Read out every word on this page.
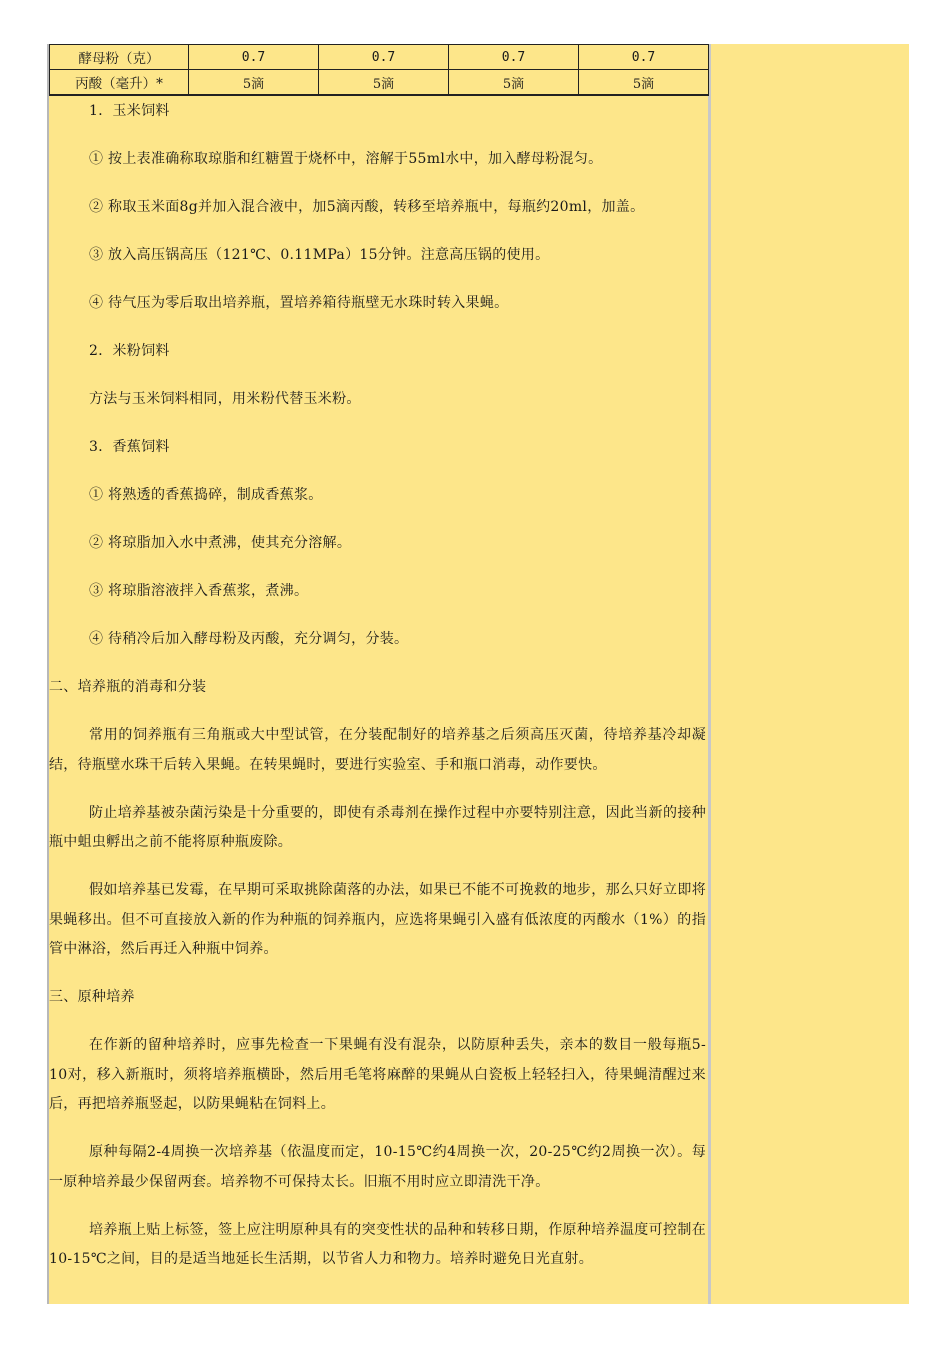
酵母粉（克）	0.7	0.7	0.7	0.7
丙酸（毫升）*	5滴	5滴	5滴	5滴

1．玉米饲料

① 按上表准确称取琼脂和红糖置于烧杯中，溶解于55ml水中，加入酵母粉混匀。

② 称取玉米面8g并加入混合液中，加5滴丙酸，转移至培养瓶中，每瓶约20ml，加盖。

③ 放入高压锅高压（121℃、0.11MPa）15分钟。注意高压锅的使用。

④ 待气压为零后取出培养瓶，置培养箱待瓶壁无水珠时转入果蝇。

2．米粉饲料

方法与玉米饲料相同，用米粉代替玉米粉。

3．香蕉饲料

① 将熟透的香蕉捣碎，制成香蕉浆。

② 将琼脂加入水中煮沸，使其充分溶解。

③ 将琼脂溶液拌入香蕉浆，煮沸。

④ 待稍冷后加入酵母粉及丙酸，充分调匀，分装。

二、培养瓶的消毒和分装

常用的饲养瓶有三角瓶或大中型试管，在分装配制好的培养基之后须高压灭菌，待培养基冷却凝结，待瓶壁水珠干后转入果蝇。在转果蝇时，要进行实验室、手和瓶口消毒，动作要快。

防止培养基被杂菌污染是十分重要的，即使有杀毒剂在操作过程中亦要特别注意，因此当新的接种瓶中蛆虫孵出之前不能将原种瓶废除。

假如培养基已发霉，在早期可采取挑除菌落的办法，如果已不能不可挽救的地步，那么只好立即将果蝇移出。但不可直接放入新的作为种瓶的饲养瓶内，应选将果蝇引入盛有低浓度的丙酸水（1%）的指管中淋浴，然后再迁入种瓶中饲养。

三、原种培养

在作新的留种培养时，应事先检查一下果蝇有没有混杂，以防原种丢失，亲本的数目一般每瓶5-10对，移入新瓶时，须将培养瓶横卧，然后用毛笔将麻醉的果蝇从白瓷板上轻轻扫入，待果蝇清醒过来后，再把培养瓶竖起，以防果蝇粘在饲料上。

原种每隔2-4周换一次培养基（依温度而定，10-15℃约4周换一次，20-25℃约2周换一次）。每一原种培养最少保留两套。培养物不可保持太长。旧瓶不用时应立即清洗干净。

培养瓶上贴上标签，签上应注明原种具有的突变性状的品种和转移日期，作原种培养温度可控制在10-15℃之间，目的是适当地延长生活期，以节省人力和物力。培养时避免日光直射。
